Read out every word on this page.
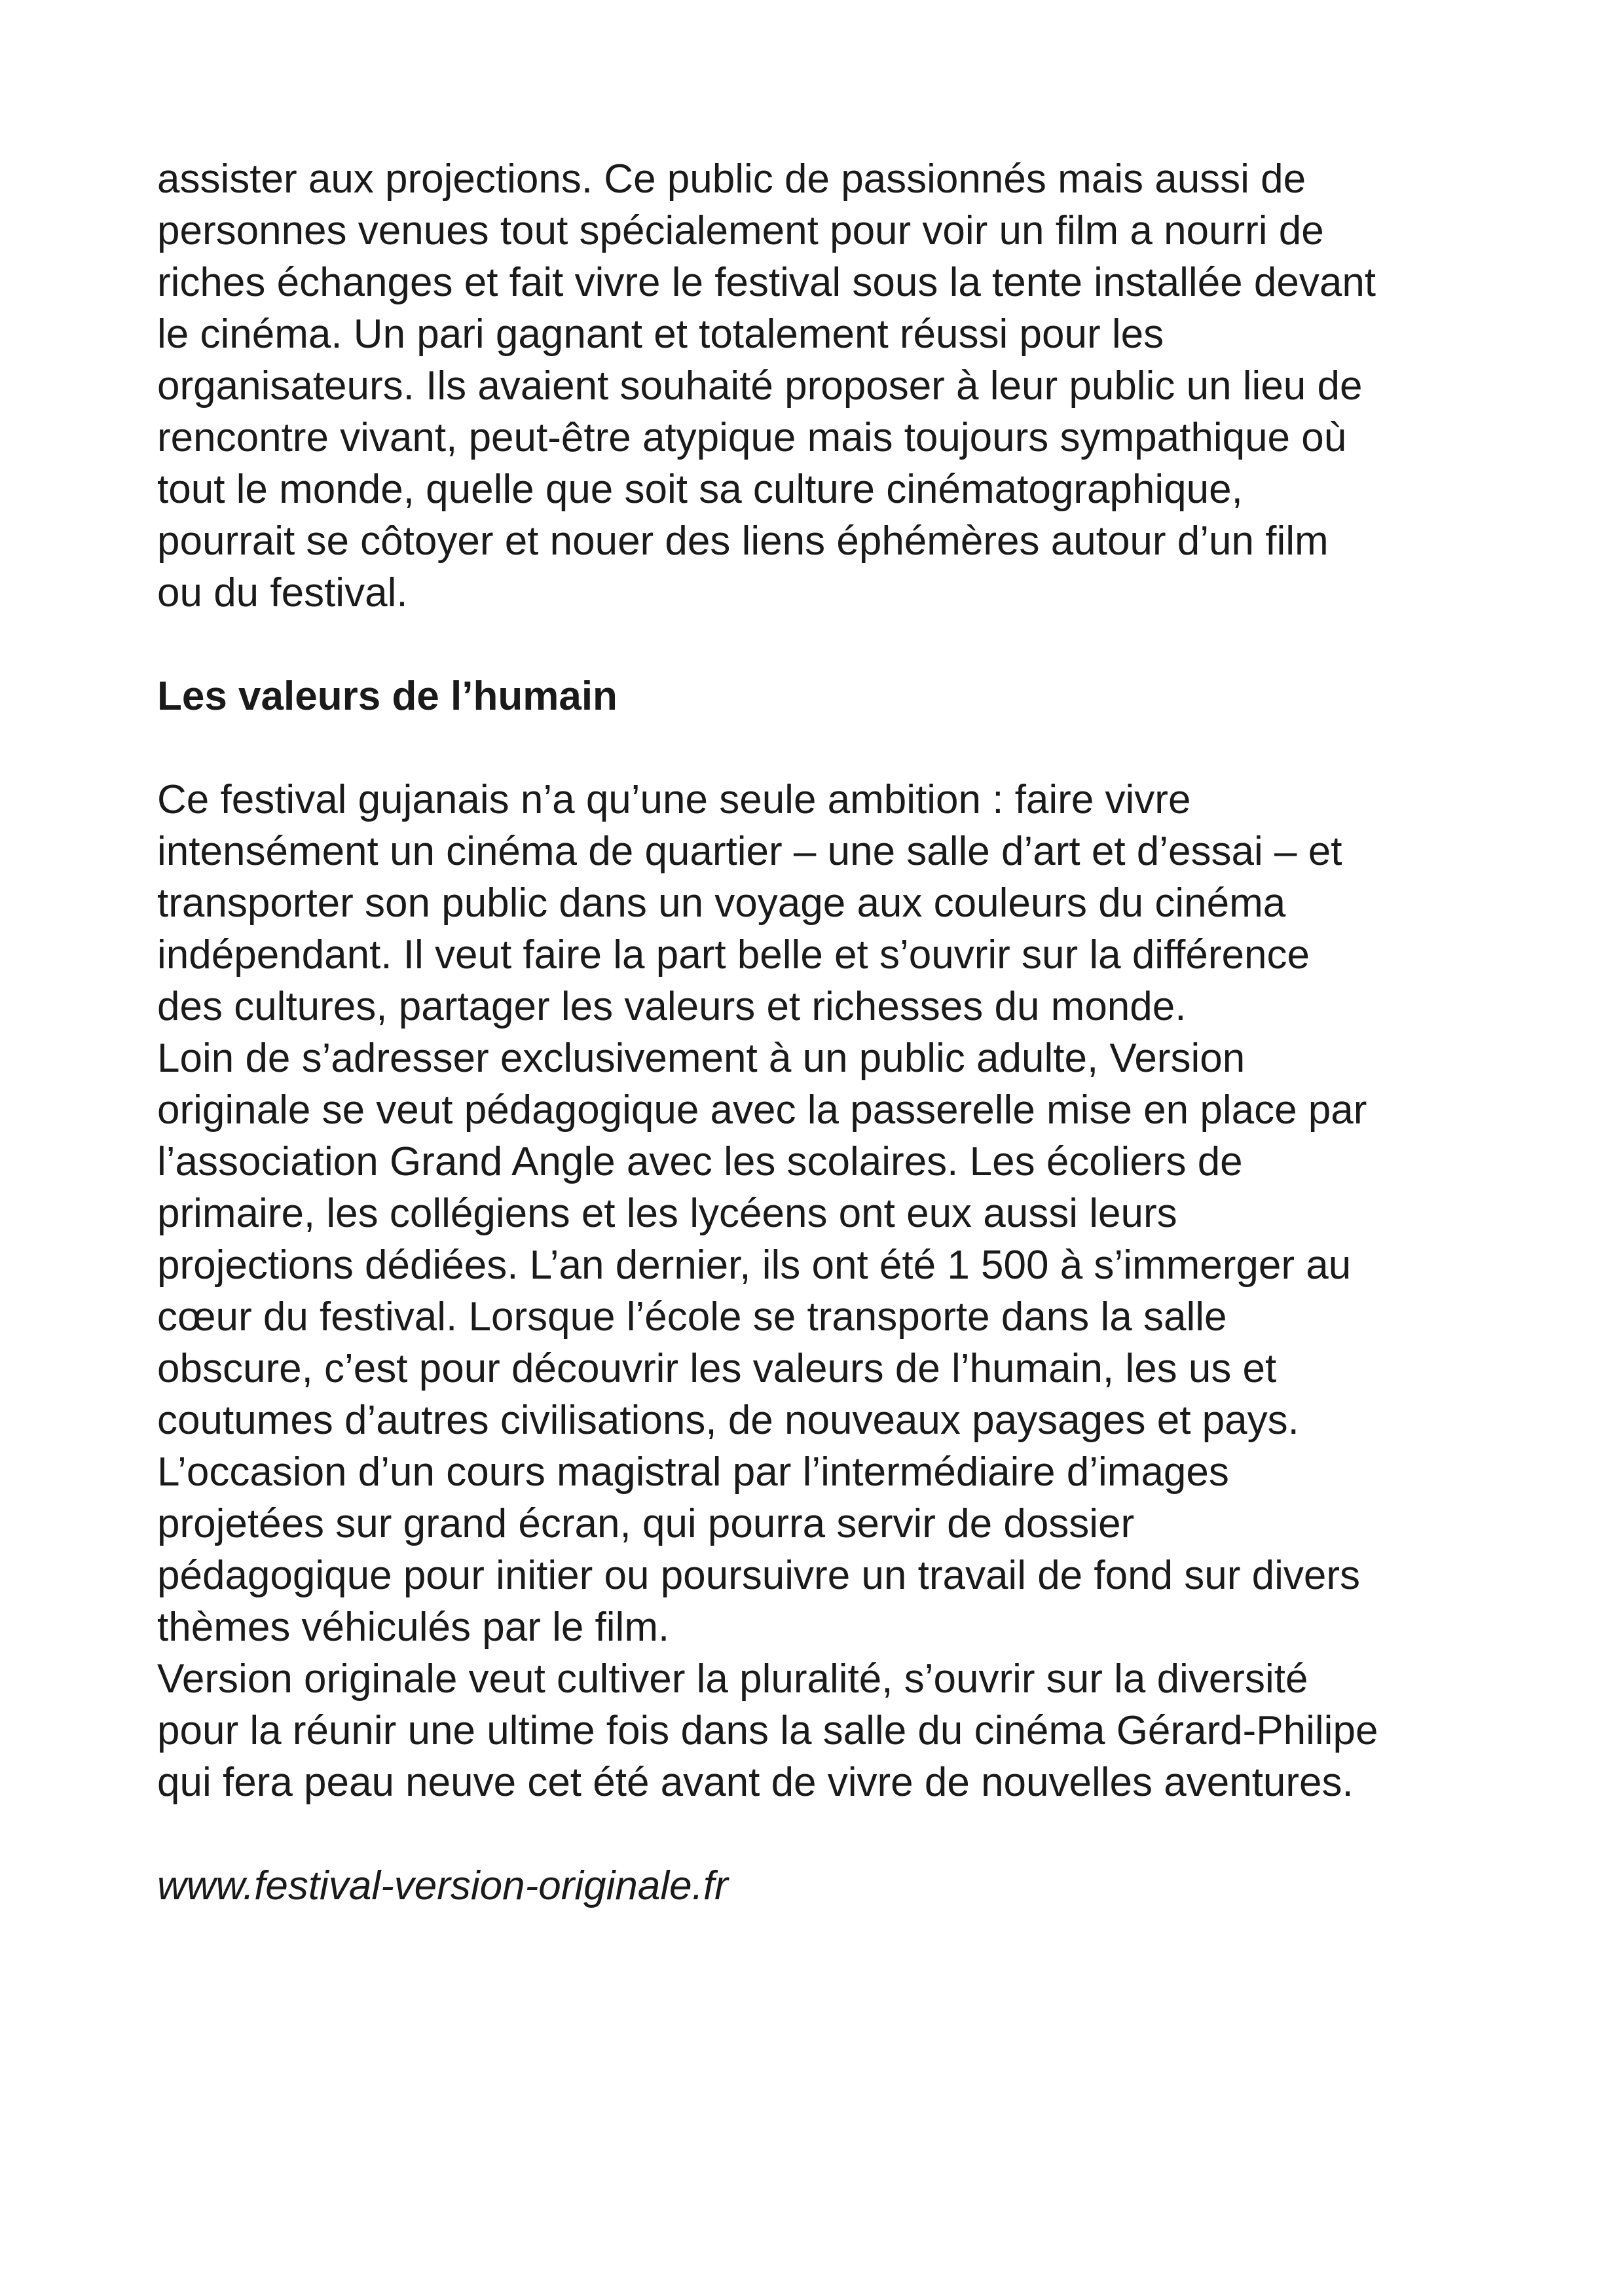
assister aux projections. Ce public de passionnés mais aussi de
personnes venues tout spécialement pour voir un film a nourri de
riches échanges et fait vivre le festival sous la tente installée devant
le cinéma. Un pari gagnant et totalement réussi pour les
organisateurs. Ils avaient souhaité proposer à leur public un lieu de
rencontre vivant, peut-être atypique mais toujours sympathique où
tout le monde, quelle que soit sa culture cinématographique,
pourrait se côtoyer et nouer des liens éphémères autour d’un film
ou du festival.
Les valeurs de l’humain
Ce festival gujanais n’a qu’une seule ambition : faire vivre
intensément un cinéma de quartier – une salle d’art et d’essai – et
transporter son public dans un voyage aux couleurs du cinéma
indépendant. Il veut faire la part belle et s’ouvrir sur la différence
des cultures, partager les valeurs et richesses du monde.
Loin de s’adresser exclusivement à un public adulte, Version
originale se veut pédagogique avec la passerelle mise en place par
l’association Grand Angle avec les scolaires. Les écoliers de
primaire, les collégiens et les lycéens ont eux aussi leurs
projections dédiées. L’an dernier, ils ont été 1 500 à s’immerger au
cœur du festival. Lorsque l’école se transporte dans la salle
obscure, c’est pour découvrir les valeurs de l’humain, les us et
coutumes d’autres civilisations, de nouveaux paysages et pays.
L’occasion d’un cours magistral par l’intermédiaire d’images
projetées sur grand écran, qui pourra servir de dossier
pédagogique pour initier ou poursuivre un travail de fond sur divers
thèmes véhiculés par le film.
Version originale veut cultiver la pluralité, s’ouvrir sur la diversité
pour la réunir une ultime fois dans la salle du cinéma Gérard-Philipe
qui fera peau neuve cet été avant de vivre de nouvelles aventures.
www.festival-version-originale.fr
